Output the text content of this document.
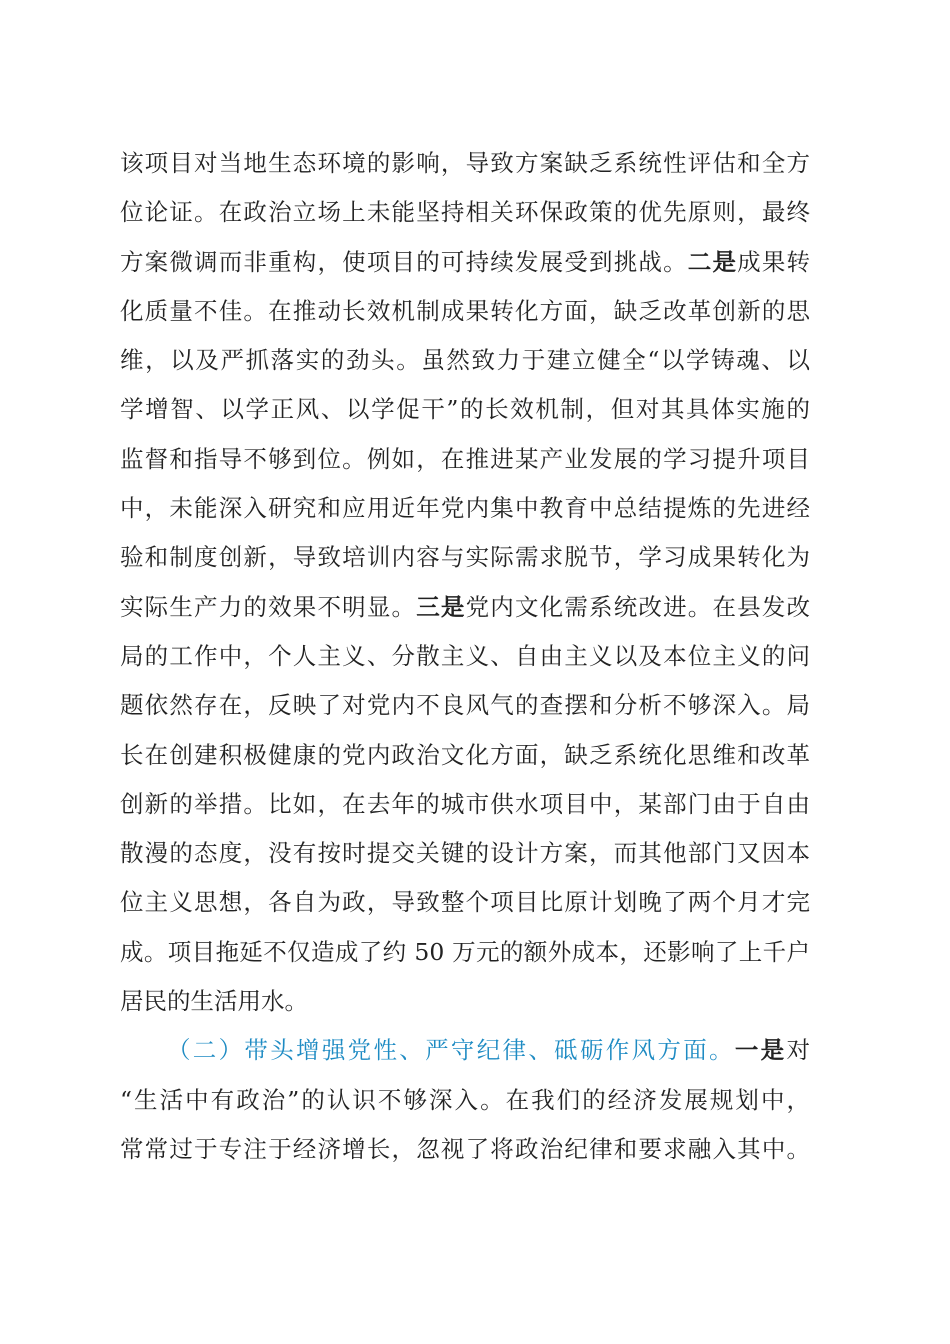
该项目对当地生态环境的影响，导致方案缺乏系统性评估和全方
位论证。在政治立场上未能坚持相关环保政策的优先原则，最终
方案微调而非重构，使项目的可持续发展受到挑战。二是成果转
化质量不佳。在推动长效机制成果转化方面，缺乏改革创新的思
维，以及严抓落实的劲头。虽然致力于建立健全“以学铸魂、以
学增智、以学正风、以学促干”的长效机制，但对其具体实施的
监督和指导不够到位。例如，在推进某产业发展的学习提升项目
中，未能深入研究和应用近年党内集中教育中总结提炼的先进经
验和制度创新，导致培训内容与实际需求脱节，学习成果转化为
实际生产力的效果不明显。三是党内文化需系统改进。在县发改
局的工作中，个人主义、分散主义、自由主义以及本位主义的问
题依然存在，反映了对党内不良风气的查摆和分析不够深入。局
长在创建积极健康的党内政治文化方面，缺乏系统化思维和改革
创新的举措。比如，在去年的城市供水项目中，某部门由于自由
散漫的态度，没有按时提交关键的设计方案，而其他部门又因本
位主义思想，各自为政，导致整个项目比原计划晚了两个月才完
成。项目拖延不仅造成了约 50 万元的额外成本，还影响了上千户
居民的生活用水。
（二）带头增强党性、严守纪律、砥砺作风方面。一是对
“生活中有政治”的认识不够深入。在我们的经济发展规划中，
常常过于专注于经济增长，忽视了将政治纪律和要求融入其中。
